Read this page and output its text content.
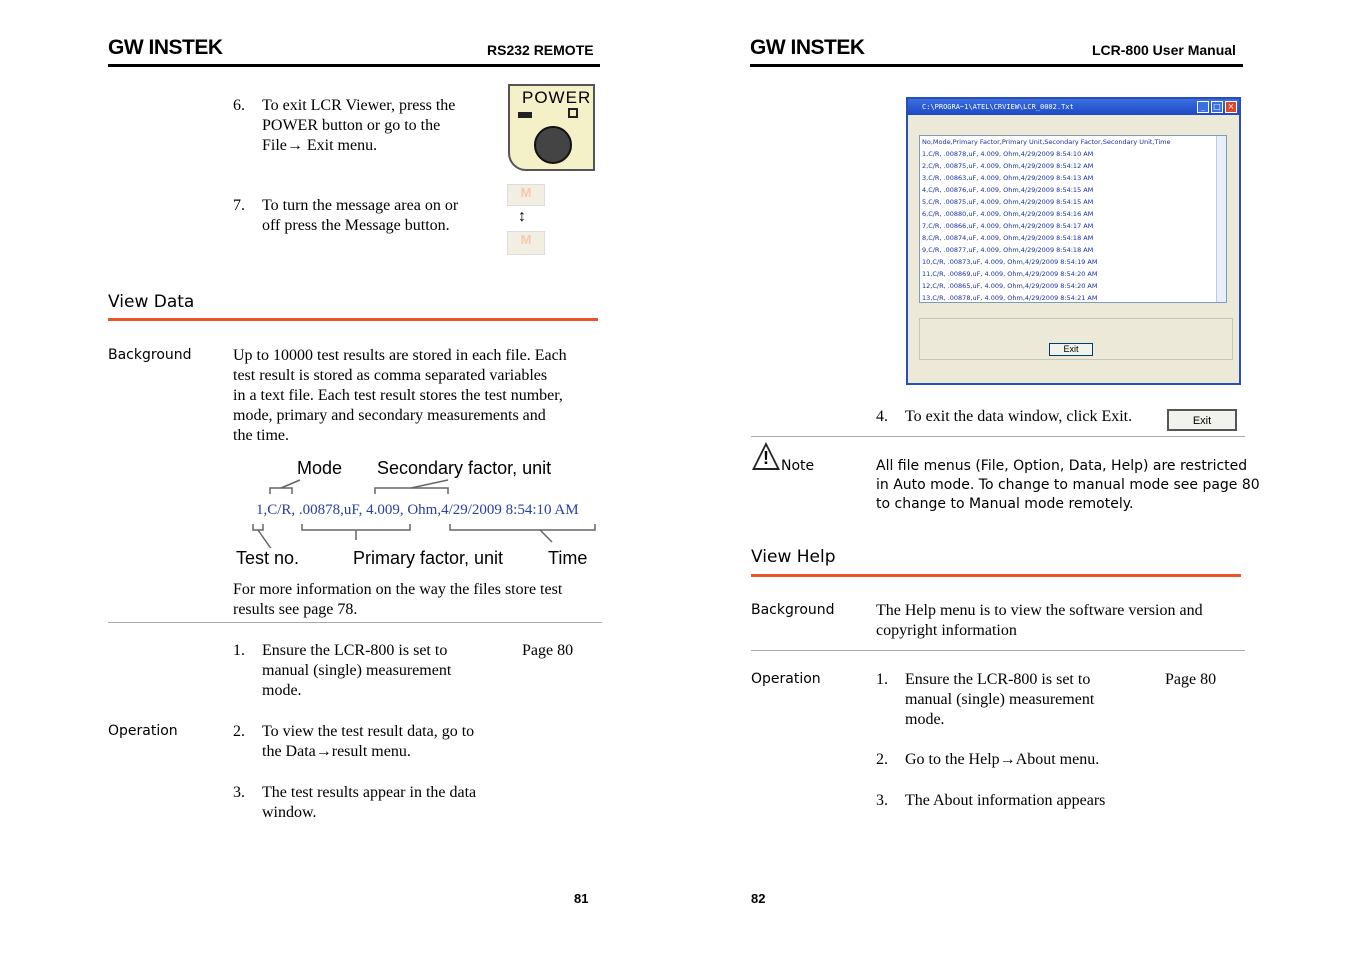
GW INSTEK	RS232 REMOTE
6. To exit LCR Viewer, press the
POWER button or go to the
File→ Exit menu.
POWER
7. To turn the message area on or
off press the Message button.
M
↕
M
View Data
Background	Up to 10000 test results are stored in each file. Each
test result is stored as comma separated variables
in a text file. Each test result stores the test number,
mode, primary and secondary measurements and
the time.
Mode Secondary factor, unit
1,C/R, .00878,uF, 4.009, Ohm,4/29/2009 8:54:10 AM
Test no.	Primary factor, unit Time
For more information on the way the files store test
results see page 78.
1. Ensure the LCR-800 is set to
manual (single) measurement
mode.
Page 80
Operation	2. To view the test result data, go to
the Data→result menu.
3. The test results appear in the data
window.
81
GW INSTEK	LCR-800 User Manual
C:\PROGRA~1\ATEL\CRVIEW\LCR_0002.Txt	_	□ ×
No,Mode,Primary Factor,Primary Unit,Secondary Factor,Secondary Unit,Time
1,C/R, .00878,uF, 4.009, Ohm,4/29/2009 8:54:10 AM
2,C/R, .00875,uF, 4.009, Ohm,4/29/2009 8:54:12 AM
3,C/R, .00863,uF, 4.009, Ohm,4/29/2009 8:54:13 AM
4,C/R, .00876,uF, 4.009, Ohm,4/29/2009 8:54:15 AM
5,C/R, .00875,uF, 4.009, Ohm,4/29/2009 8:54:15 AM
6,C/R, .00880,uF, 4.009, Ohm,4/29/2009 8:54:16 AM
7,C/R, .00866,uF, 4.009, Ohm,4/29/2009 8:54:17 AM
8,C/R, .00874,uF, 4.009, Ohm,4/29/2009 8:54:18 AM
9,C/R, .00877,uF, 4.009, Ohm,4/29/2009 8:54:18 AM
10,C/R, .00873,uF, 4.009, Ohm,4/29/2009 8:54:19 AM
11,C/R, .00869,uF, 4.009, Ohm,4/29/2009 8:54:20 AM
12,C/R, .00865,uF, 4.009, Ohm,4/29/2009 8:54:20 AM
13,C/R, .00878,uF, 4.009, Ohm,4/29/2009 8:54:21 AM
Exit
4. To exit the data window, click Exit.	Exit
! Note	All file menus (File, Option, Data, Help) are restricted
in Auto mode. To change to manual mode see page 80
to change to Manual mode remotely.
View Help
Background	The Help menu is to view the software version and
copyright information
Operation	1. Ensure the LCR-800 is set to
manual (single) measurement
mode.
Page 80
2. Go to the Help→About menu.
3. The About information appears
82
